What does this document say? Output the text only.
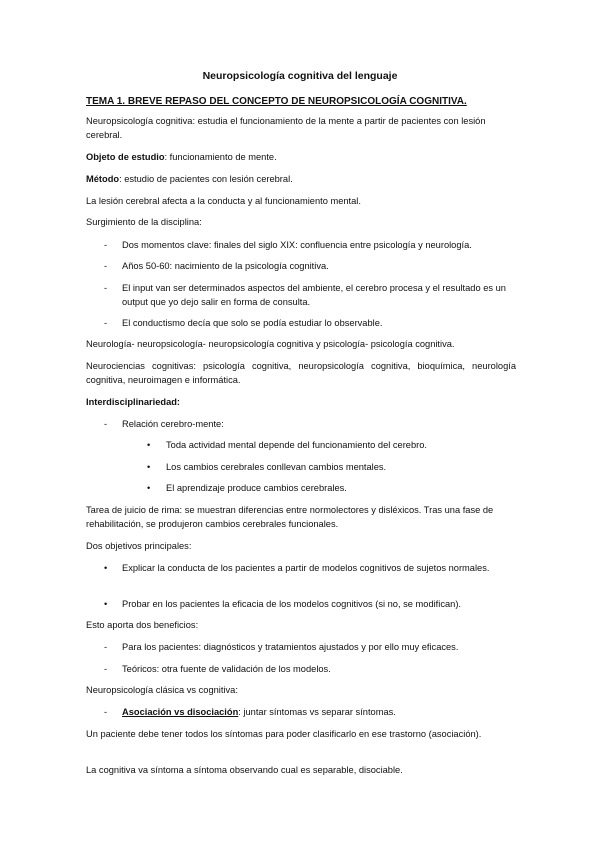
Neuropsicología cognitiva del lenguaje
TEMA 1. BREVE REPASO DEL CONCEPTO DE NEUROPSICOLOGÍA COGNITIVA.
Neuropsicología cognitiva: estudia el funcionamiento de la mente a partir de pacientes con lesión cerebral.
Objeto de estudio: funcionamiento de mente.
Método: estudio de pacientes con lesión cerebral.
La lesión cerebral afecta a la conducta y al funcionamiento mental.
Surgimiento de la disciplina:
- Dos momentos clave: finales del siglo XIX: confluencia entre psicología y neurología.
- Años 50-60: nacimiento de la psicología cognitiva.
- El input van ser determinados aspectos del ambiente, el cerebro procesa y el resultado es un output que yo dejo salir en forma de consulta.
- El conductismo decía que solo se podía estudiar lo observable.
Neurología- neuropsicología- neuropsicología cognitiva y psicología- psicología cognitiva.
Neurociencias cognitivas: psicología cognitiva, neuropsicología cognitiva, bioquímica, neurología cognitiva, neuroimagen e informática.
Interdisciplinariedad:
- Relación cerebro-mente:
• Toda actividad mental depende del funcionamiento del cerebro.
• Los cambios cerebrales conllevan cambios mentales.
• El aprendizaje produce cambios cerebrales.
Tarea de juicio de rima: se muestran diferencias entre normolectores y disléxicos. Tras una fase de rehabilitación, se produjeron cambios cerebrales funcionales.
Dos objetivos principales:
• Explicar la conducta de los pacientes a partir de modelos cognitivos de sujetos normales.
• Probar en los pacientes la eficacia de los modelos cognitivos (si no, se modifican).
Esto aporta dos beneficios:
- Para los pacientes: diagnósticos y tratamientos ajustados y por ello muy eficaces.
- Teóricos: otra fuente de validación de los modelos.
Neuropsicología clásica vs cognitiva:
- Asociación vs disociación: juntar síntomas vs separar síntomas.
Un paciente debe tener todos los síntomas para poder clasificarlo en ese trastorno (asociación).
La cognitiva va síntoma a síntoma observando cual es separable, disociable.
